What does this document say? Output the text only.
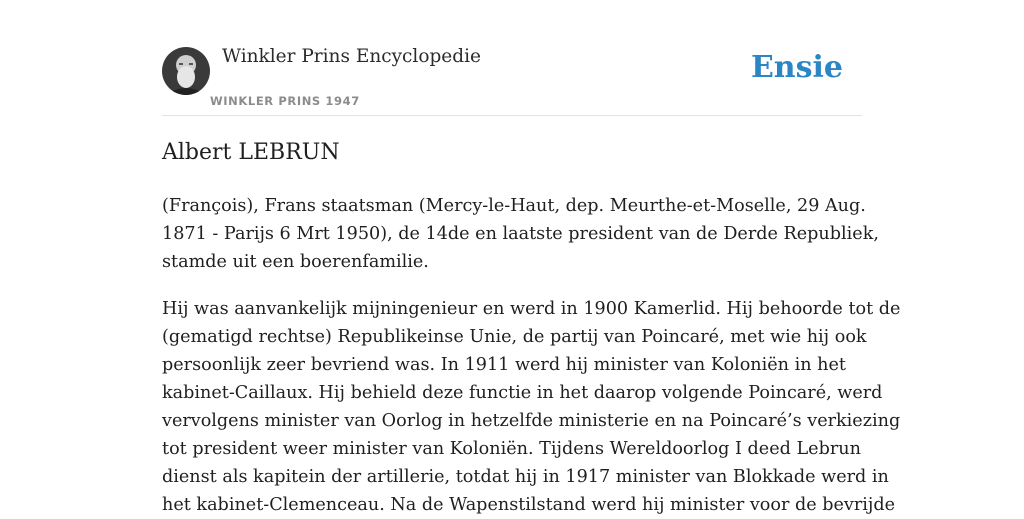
Winkler Prins Encyclopedie
WINKLER PRINS 1947
Ensie
Albert LEBRUN

(François), Frans staatsman (Mercy-le-Haut, dep. Meurthe-et-Moselle, 29 Aug.
1871 - Parijs 6 Mrt 1950), de 14de en laatste president van de Derde Republiek,
stamde uit een boerenfamilie.

Hij was aanvankelijk mijningenieur en werd in 1900 Kamerlid. Hij behoorde tot de
(gematigd rechtse) Republikeinse Unie, de partij van Poincaré, met wie hij ook
persoonlijk zeer bevriend was. In 1911 werd hij minister van Koloniën in het
kabinet-Caillaux. Hij behield deze functie in het daarop volgende Poincaré, werd
vervolgens minister van Oorlog in hetzelfde ministerie en na Poincaré’s verkiezing
tot president weer minister van Koloniën. Tijdens Wereldoorlog I deed Lebrun
dienst als kapitein der artillerie, totdat hij in 1917 minister van Blokkade werd in
het kabinet-Clemenceau. Na de Wapenstilstand werd hij minister voor de bevrijde
